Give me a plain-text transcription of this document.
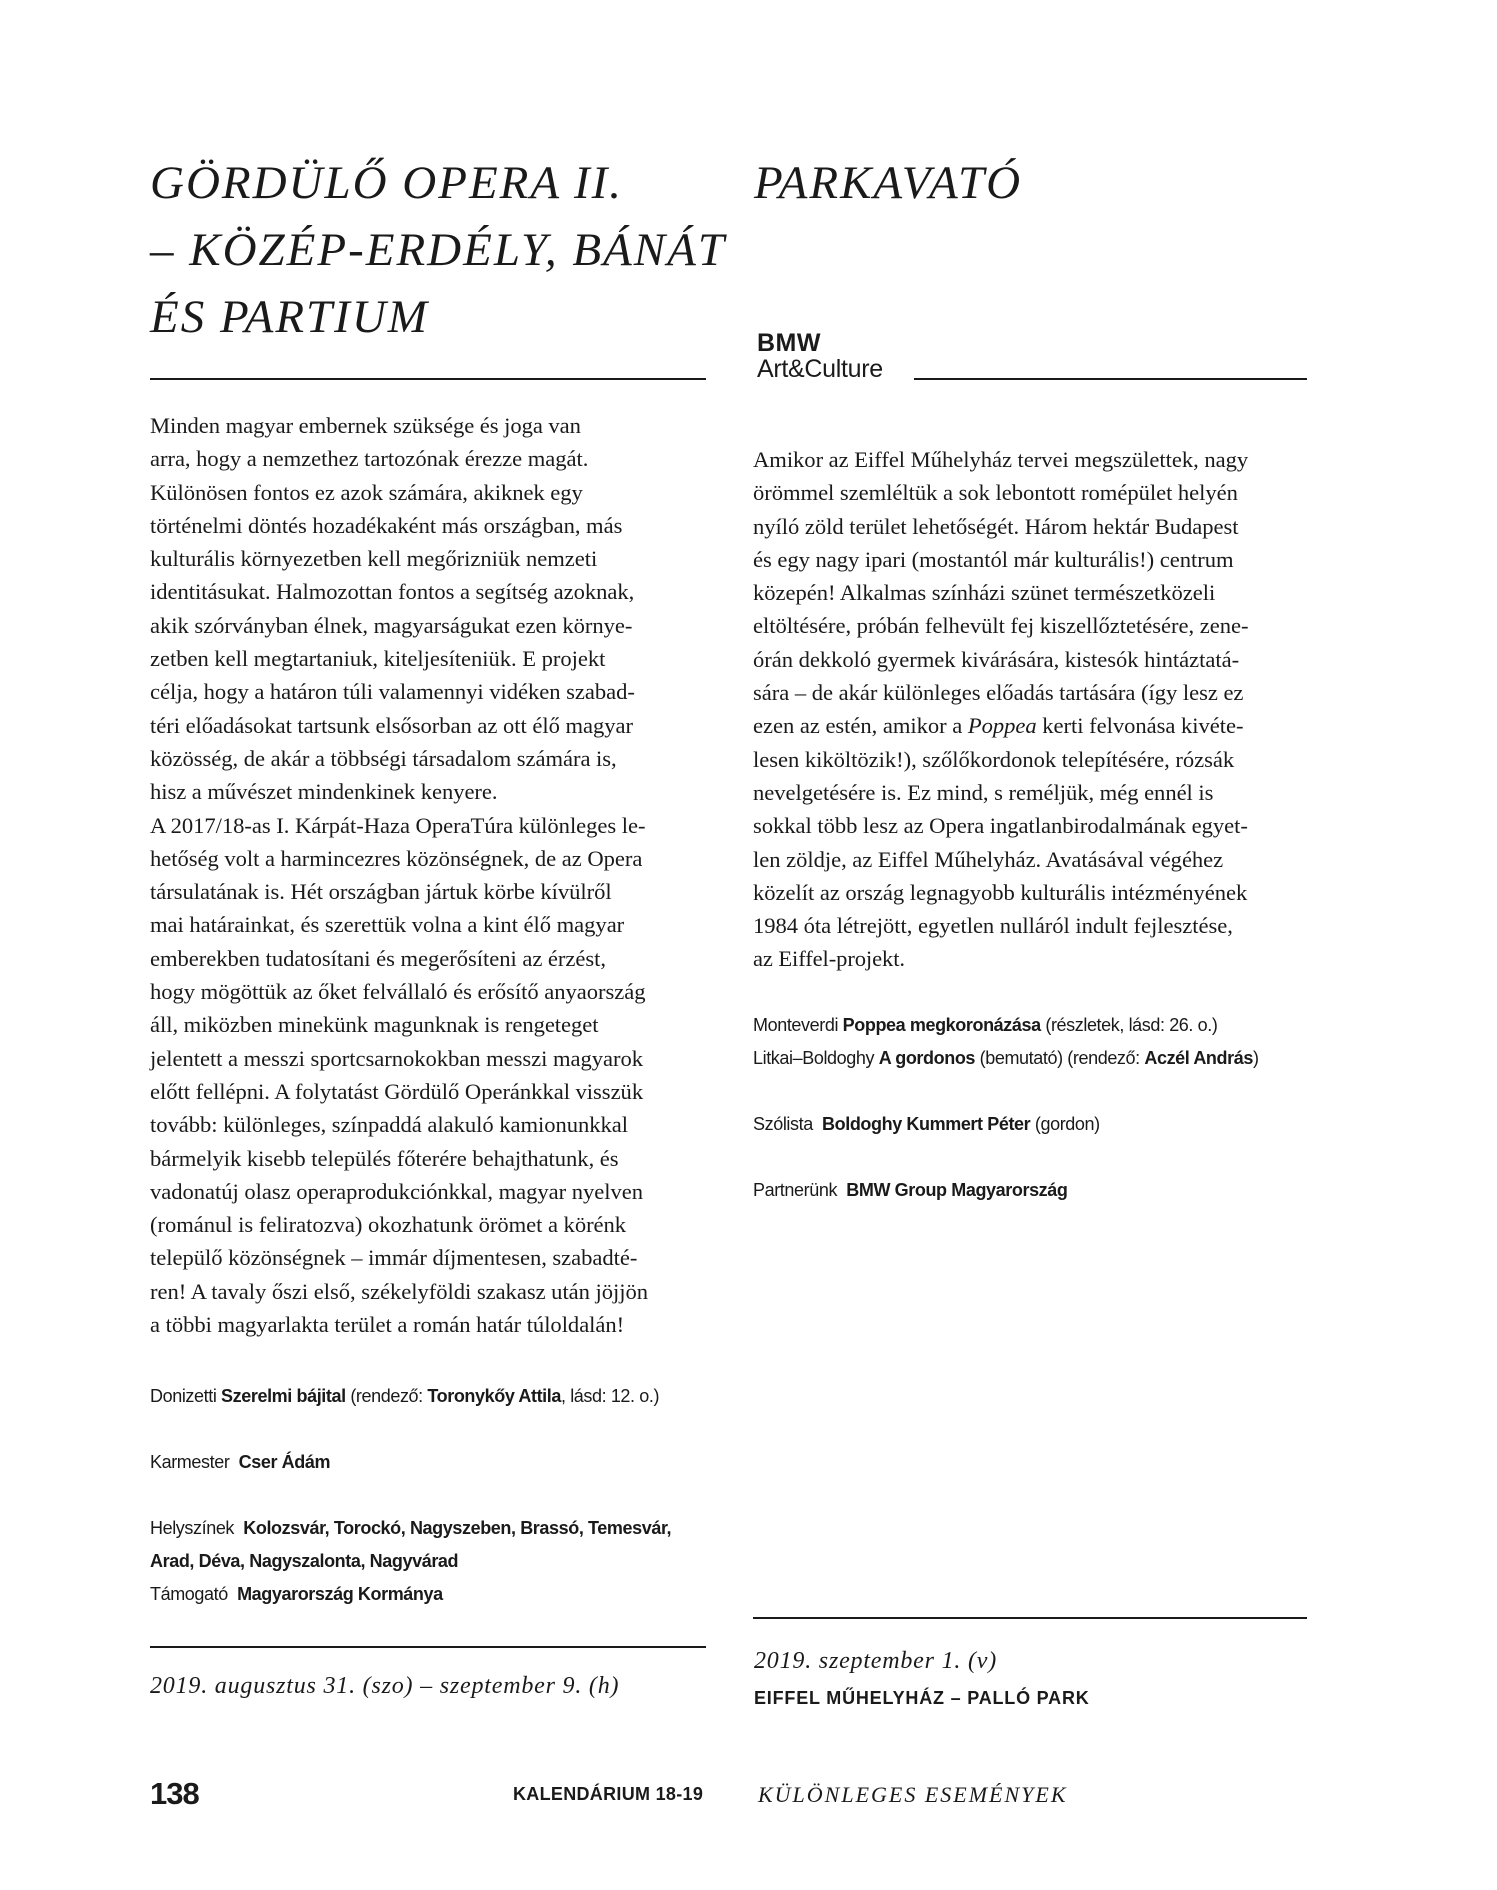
GÖRDÜLŐ OPERA II.
– KÖZÉP-ERDÉLY, BÁNÁT
ÉS PARTIUM
Minden magyar embernek szüksége és joga van
arra, hogy a nemzethez tartozónak érezze magát.
Különösen fontos ez azok számára, akiknek egy
történelmi döntés hozadékaként más országban, más
kulturális környezetben kell megőrizniük nemzeti
identitásukat. Halmozottan fontos a segítség azoknak,
akik szórványban élnek, magyarságukat ezen környe-
zetben kell megtartaniuk, kiteljesíteniük. E projekt
célja, hogy a határon túli valamennyi vidéken szabad-
téri előadásokat tartsunk elsősorban az ott élő magyar
közösség, de akár a többségi társadalom számára is,
hisz a művészet mindenkinek kenyere.
A 2017/18-as I. Kárpát-Haza OperaTúra különleges le-
hetőség volt a harmincezres közönségnek, de az Opera
társulatának is. Hét országban jártuk körbe kívülről
mai határainkat, és szerettük volna a kint élő magyar
emberekben tudatosítani és megerősíteni az érzést,
hogy mögöttük az őket felvállaló és erősítő anyaország
áll, miközben minekünk magunknak is rengeteget
jelentett a messzi sportcsarnokokban messzi magyarok
előtt fellépni. A folytatást Gördülő Operánkkal visszük
tovább: különleges, színpaddá alakuló kamionunkkal
bármelyik kisebb település főterére behajthatunk, és
vadonatúj olasz operaprodukciónkkal, magyar nyelven
(románul is feliratozva) okozhatunk örömet a körénk
települő közönségnek – immár díjmentesen, szabadté-
ren! A tavaly őszi első, székelyföldi szakasz után jöjjön
a többi magyarlakta terület a román határ túloldalán!
Donizetti Szerelmi bájital (rendező: Toronykőy Attila, lásd: 12. o.)
Karmester Cser Ádám
Helyszínek Kolozsvár, Torockó, Nagyszeben, Brassó, Temesvár,
Arad, Déva, Nagyszalonta, Nagyvárad
Támogató Magyarország Kormánya
2019. augusztus 31. (szo) – szeptember 9. (h)
PARKAVATÓ
BMW
Art&Culture
Amikor az Eiffel Műhelyház tervei megszülettek, nagy
örömmel szemléltük a sok lebontott romépület helyén
nyíló zöld terület lehetőségét. Három hektár Budapest
és egy nagy ipari (mostantól már kulturális!) centrum
közepén! Alkalmas színházi szünet természetközeli
eltöltésére, próbán felhevült fej kiszellőztetésére, zene-
órán dekkoló gyermek kivárására, kistesók hintáztatá-
sára – de akár különleges előadás tartására (így lesz ez
ezen az estén, amikor a Poppea kerti felvonása kivéte-
lesen kiköltözik!), szőlőkordonok telepítésére, rózsák
nevelgetésére is. Ez mind, s reméljük, még ennél is
sokkal több lesz az Opera ingatlanbirodalmának egyet-
len zöldje, az Eiffel Műhelyház. Avatásával végéhez
közelít az ország legnagyobb kulturális intézményének
1984 óta létrejött, egyetlen nulláról indult fejlesztése,
az Eiffel-projekt.
Monteverdi Poppea megkoronázása (részletek, lásd: 26. o.)
Litkai–Boldoghy A gordonos (bemutató) (rendező: Aczél András)
Szólista Boldoghy Kummert Péter (gordon)
Partnerünk BMW Group Magyarország
2019. szeptember 1. (v)
EIFFEL MŰHELYHÁZ – PALLÓ PARK
138	KALENDÁRIUM 18-19 KÜLÖNLEGES ESEMÉNYEK
